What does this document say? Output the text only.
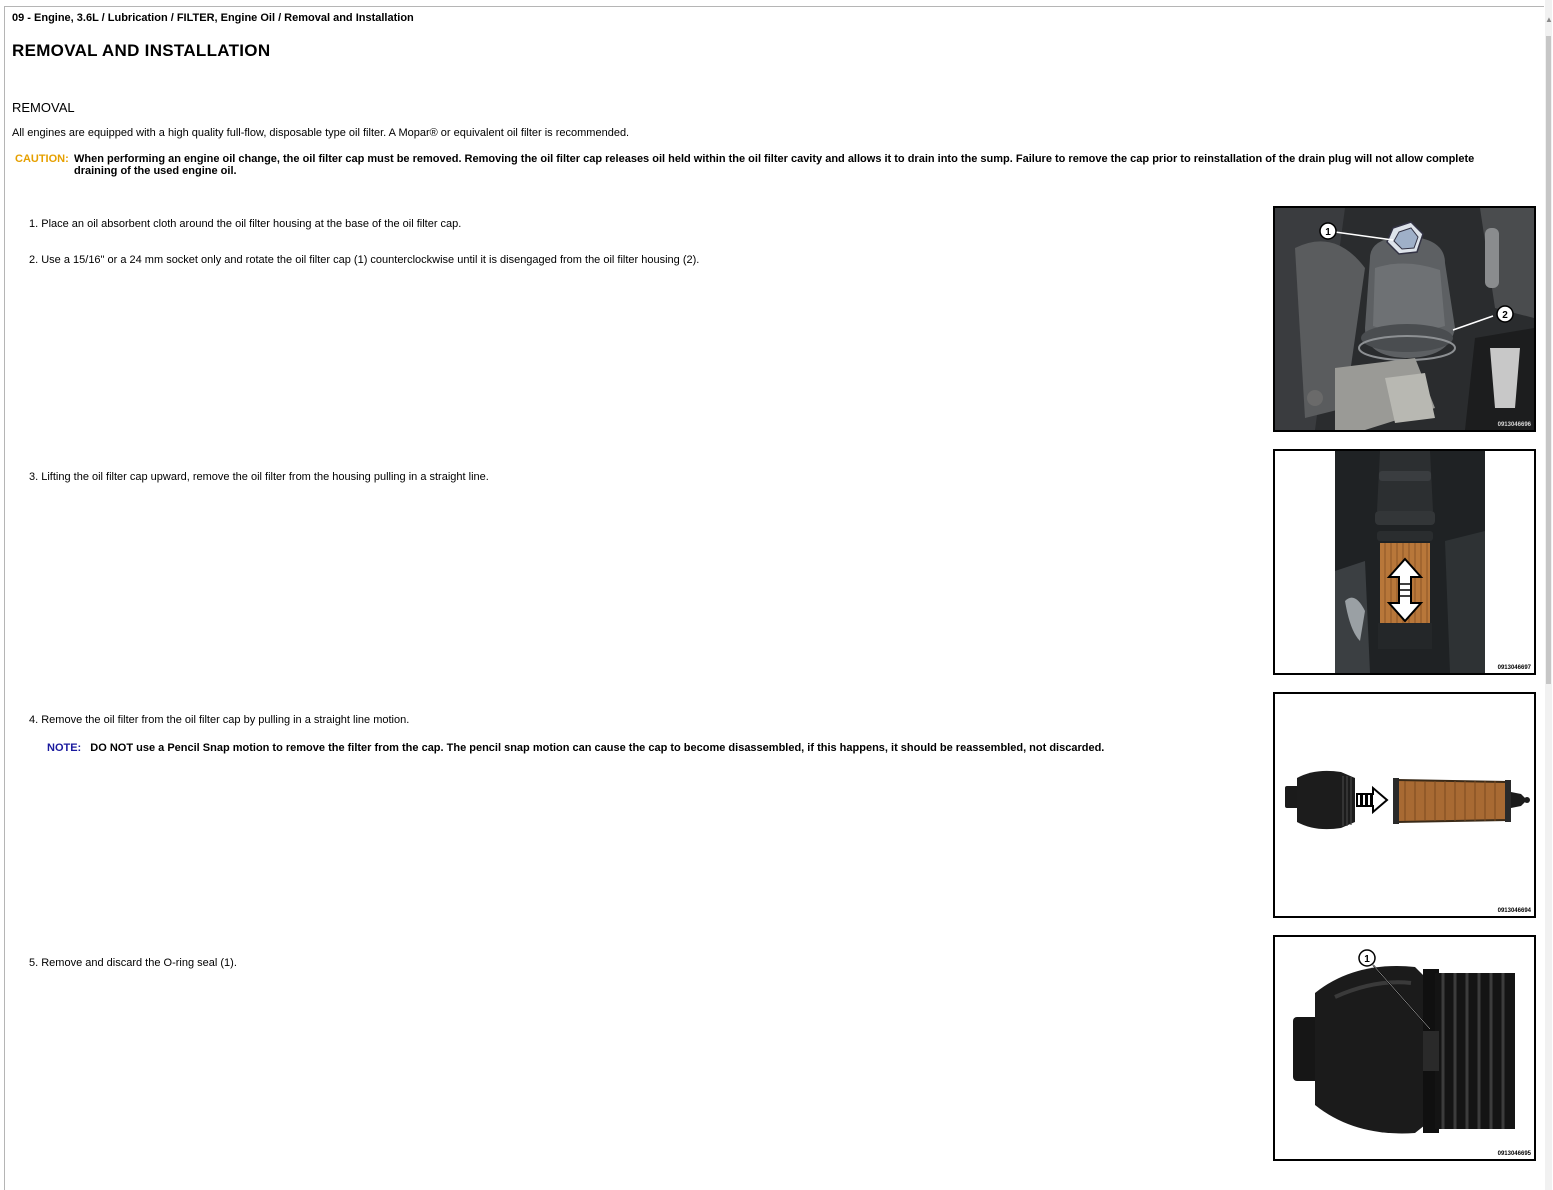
▲
09 - Engine, 3.6L / Lubrication / FILTER, Engine Oil / Removal and Installation
REMOVAL AND INSTALLATION
REMOVAL
All engines are equipped with a high quality full-flow, disposable type oil filter. A Mopar® or equivalent oil filter is recommended.
CAUTION: When performing an engine oil change, the oil filter cap must be removed. Removing the oil filter cap releases oil held within the oil filter cavity and allows it to drain into the sump. Failure to remove the cap prior to reinstallation of the drain plug will not allow complete draining of the used engine oil.
1. Place an oil absorbent cloth around the oil filter housing at the base of the oil filter cap.
2. Use a 15/16" or a 24 mm socket only and rotate the oil filter cap (1) counterclockwise until it is disengaged from the oil filter housing (2).
3. Lifting the oil filter cap upward, remove the oil filter from the housing pulling in a straight line.
4. Remove the oil filter from the oil filter cap by pulling in a straight line motion.
NOTE: DO NOT use a Pencil Snap motion to remove the filter from the cap. The pencil snap motion can cause the cap to become disassembled, if this happens, it should be reassembled, not discarded.
5. Remove and discard the O-ring seal (1).
1
2
0913046696
0913046697
0913046694
1
0913046695
